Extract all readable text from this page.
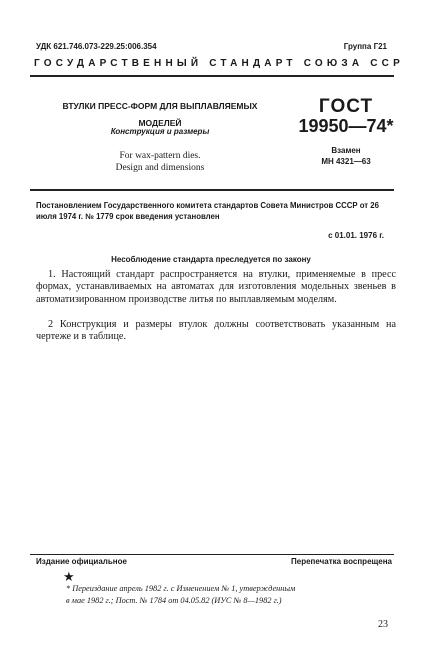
УДК 621.746.073-229.25:006.354	Группа Г21
ГОСУДАРСТВЕННЫЙ СТАНДАРТ СОЮЗА ССР
ВТУЛКИ ПРЕСС-ФОРМ ДЛЯ ВЫПЛАВЛЯЕМЫХ
МОДЕЛЕЙ
Конструкция и размеры
For wax-pattern dies.
Design and dimensions
ГОСТ
19950—74*
Взамен
МН 4321—63
Постановлением Государственного комитета стандартов Совета Министров СССР от 26 июля 1974 г. № 1779 срок введения установлен
с 01.01. 1976 г.
Несоблюдение стандарта преследуется по закону
1. Настоящий стандарт распространяется на втулки, применяемые в пресс формах, устанавливаемых на автоматах для изготовления модельных звеньев в автоматизированном производстве литья по выплавляемым моделям.
2 Конструкция и размеры втулок должны соответствовать указанным на чертеже и в таблице.
Издание официальное	Перепечатка воспрещена
★
* Переиздание апрель 1982 г. с Изменением № 1, утвержденным
в мае 1982 г.; Пост. № 1784 от 04.05.82 (ИУС № 8—1982 г.)
23
